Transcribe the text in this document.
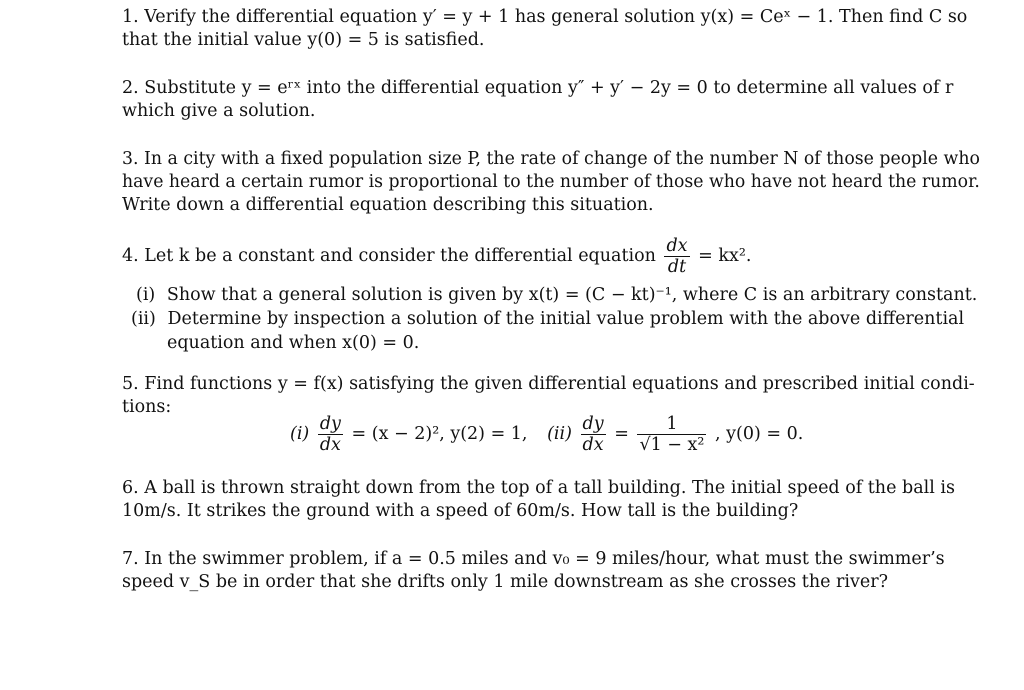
1. Verify the differential equation y′ = y + 1 has general solution y(x) = Ceˣ − 1. Then find C so
that the initial value y(0) = 5 is satisfied.
2. Substitute y = eʳˣ into the differential equation y″ + y′ − 2y = 0 to determine all values of r
which give a solution.
3. In a city with a fixed population size P, the rate of change of the number N of those people who
have heard a certain rumor is proportional to the number of those who have not heard the rumor.
Write down a differential equation describing this situation.
4. Let k be a constant and consider the differential equation $\frac{dx}{dt} = kx^2$.
(i) Show that a general solution is given by x(t) = (C − kt)⁻¹, where C is an arbitrary constant.
(ii) Determine by inspection a solution of the initial value problem with the above differential
equation and when x(0) = 0.
5. Find functions y = f(x) satisfying the given differential equations and prescribed initial condi-
tions:
$(i) \frac{dy}{dx} = (x - 2)^2$, y(2) = 1, $(ii) \frac{dy}{dx} = \frac{1}{\text{√1 − x²}}$ , y(0) = 0.
6. A ball is thrown straight down from the top of a tall building. The initial speed of the ball is
10m/s. It strikes the ground with a speed of 60m/s. How tall is the building?
7. In the swimmer problem, if a = 0.5 miles and v₀ = 9 miles/hour, what must the swimmer’s
speed v_S be in order that she drifts only 1 mile downstream as she crosses the river?
